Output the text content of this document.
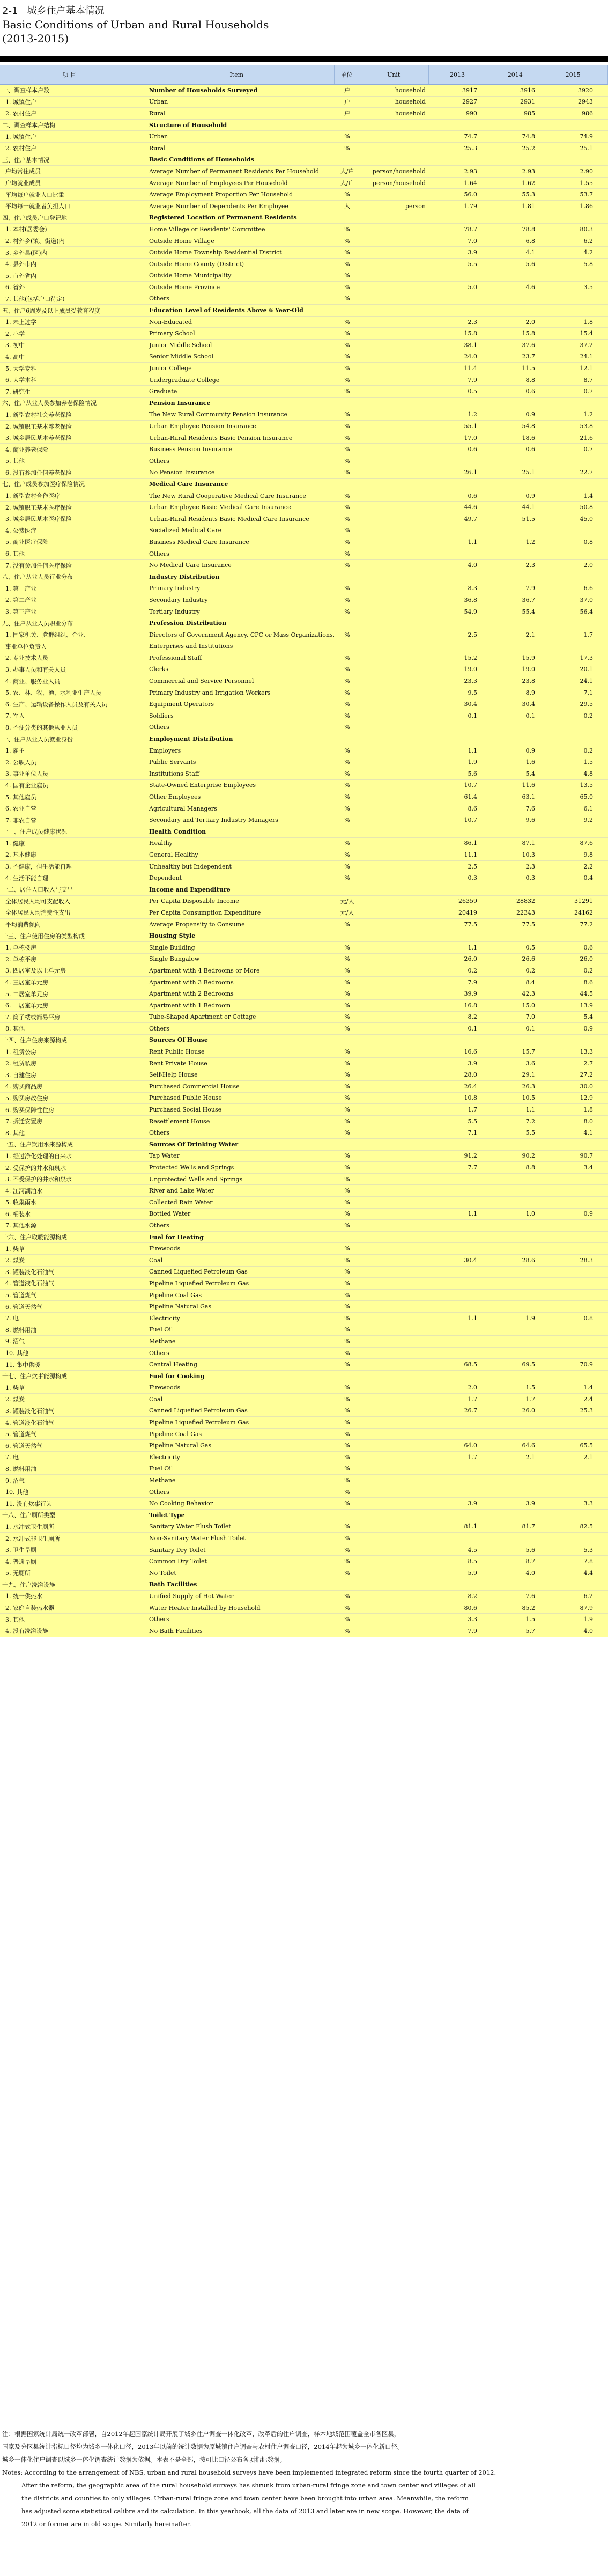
2-1 城乡住户基本情况
Basic Conditions of Urban and Rural Households
(2013-2015)
项 目	Item	单位	Unit	2013	2014	2015
一、调查样本户数	Number of Households Surveyed	户	household	3917	3916	3920
1. 城镇住户	Urban	户	household	2927	2931	2943
2. 农村住户	Rural	户	household	990	985	986
二、调查样本户结构	Structure of Household
1. 城镇住户	Urban	%	74.7	74.8	74.9
2. 农村住户	Rural	%	25.3	25.2	25.1
三、住户基本情况	Basic Conditions of Households
户均常住成员	Average Number of Permanent Residents Per Household	人/户	person/household	2.93	2.93	2.90
户均就业成员	Average Number of Employees Per Household	人/户	person/household	1.64	1.62	1.55
平均每户就业人口比重	Average Employment Proportion Per Household	%	56.0	55.3	53.7
平均每一就业者负担人口	Average Number of Dependents Per Employee	人	person	1.79	1.81	1.86
四、住户成员户口登记地	Registered Location of Permanent Residents
1. 本村(居委会)	Home Village or Residents' Committee	%	78.7	78.8	80.3
2. 村外乡(镇、街道)内	Outside Home Village	%	7.0	6.8	6.2
3. 乡外县(区)内	Outside Home Township Residential District	%	3.9	4.1	4.2
4. 县外市内	Outside Home County (District)	%	5.5	5.6	5.8
5. 市外省内	Outside Home Municipality	%
6. 省外	Outside Home Province	%	5.0	4.6	3.5
7. 其他(包括户口待定)	Others	%
五、住户6周岁及以上成员受教育程度	Education Level of Residents Above 6 Year-Old
1. 未上过学	Non-Educated	%	2.3	2.0	1.8
2. 小学	Primary School	%	15.8	15.8	15.4
3. 初中	Junior Middle School	%	38.1	37.6	37.2
4. 高中	Senior Middle School	%	24.0	23.7	24.1
5. 大学专科	Junior College	%	11.4	11.5	12.1
6. 大学本科	Undergraduate College	%	7.9	8.8	8.7
7. 研究生	Graduate	%	0.5	0.6	0.7
六、住户从业人员参加养老保险情况	Pension Insurance
1. 新型农村社会养老保险	The New Rural Community Pension Insurance	%	1.2	0.9	1.2
2. 城镇职工基本养老保险	Urban Employee Pension Insurance	%	55.1	54.8	53.8
3. 城乡居民基本养老保险	Urban-Rural Residents Basic Pension Insurance	%	17.0	18.6	21.6
4. 商业养老保险	Business Pension Insurance	%	0.6	0.6	0.7
5. 其他	Others	%
6. 没有参加任何养老保险	No Pension Insurance	%	26.1	25.1	22.7
七、住户成员参加医疗保险情况	Medical Care Insurance
1. 新型农村合作医疗	The New Rural Cooperative Medical Care Insurance	%	0.6	0.9	1.4
2. 城镇职工基本医疗保险	Urban Employee Basic Medical Care Insurance	%	44.6	44.1	50.8
3. 城乡居民基本医疗保险	Urban-Rural Residents Basic Medical Care Insurance	%	49.7	51.5	45.0
4. 公费医疗	Socialized Medical Care	%
5. 商业医疗保险	Business Medical Care Insurance	%	1.1	1.2	0.8
6. 其他	Others	%
7. 没有参加任何医疗保险	No Medical Care Insurance	%	4.0	2.3	2.0
八、住户从业人员行业分布	Industry Distribution
1. 第一产业	Primary Industry	%	8.3	7.9	6.6
2. 第二产业	Secondary Industry	%	36.8	36.7	37.0
3. 第三产业	Tertiary Industry	%	54.9	55.4	56.4
九、住户从业人员职业分布	Profession Distribution
1. 国家机关、党群组织、企业、	Directors of Government Agency, CPC or Mass Organizations,	%	2.5	2.1	1.7
事业单位负责人	Enterprises and Institutions
2. 专业技术人员	Professional Staff	%	15.2	15.9	17.3
3. 办事人员和有关人员	Clerks	%	19.0	19.0	20.1
4. 商业、服务业人员	Commercial and Service Personnel	%	23.3	23.8	24.1
5. 农、林、牧、渔、水利业生产人员	Primary Industry and Irrigation Workers	%	9.5	8.9	7.1
6. 生产、运输设备操作人员及有关人员	Equipment Operators	%	30.4	30.4	29.5
7. 军人	Soldiers	%	0.1	0.1	0.2
8. 不便分类的其他从业人员	Others	%
十、住户从业人员就业身份	Employment Distribution
1. 雇主	Employers	%	1.1	0.9	0.2
2. 公职人员	Public Servants	%	1.9	1.6	1.5
3. 事业单位人员	Institutions Staff	%	5.6	5.4	4.8
4. 国有企业雇员	State-Owned Enterprise Employees	%	10.7	11.6	13.5
5. 其他雇员	Other Employees	%	61.4	63.1	65.0
6. 农业自营	Agricultural Managers	%	8.6	7.6	6.1
7. 非农自营	Secondary and Tertiary Industry Managers	%	10.7	9.6	9.2
十一、住户成员健康状况	Health Condition
1. 健康	Healthy	%	86.1	87.1	87.6
2. 基本健康	General Healthy	%	11.1	10.3	9.8
3. 不健康，但生活能自理	Unhealthy but Independent	%	2.5	2.3	2.2
4. 生活不能自理	Dependent	%	0.3	0.3	0.4
十二、居住人口收入与支出	Income and Expenditure
全体居民人均可支配收入	Per Capita Disposable Income	元/人	26359	28832	31291
全体居民人均消费性支出	Per Capita Consumption Expenditure	元/人	20419	22343	24162
平均消费倾向	Average Propensity to Consume	%	77.5	77.5	77.2
十三、住户使用住房的类型构成	Housing Style
1. 单栋楼房	Single Building	%	1.1	0.5	0.6
2. 单栋平房	Single Bungalow	%	26.0	26.6	26.0
3. 四居室及以上单元房	Apartment with 4 Bedrooms or More	%	0.2	0.2	0.2
4. 三居室单元房	Apartment with 3 Bedrooms	%	7.9	8.4	8.6
5. 二居室单元房	Apartment with 2 Bedrooms	%	39.9	42.3	44.5
6. 一居室单元房	Apartment with 1 Bedroom	%	16.8	15.0	13.9
7. 筒子楼或简易平房	Tube-Shaped Apartment or Cottage	%	8.2	7.0	5.4
8. 其他	Others	%	0.1	0.1	0.9
十四、住户住房来源构成	Sources Of House
1. 租赁公房	Rent Public House	%	16.6	15.7	13.3
2. 租赁私房	Rent Private House	%	3.9	3.6	2.7
3. 自建住房	Self-Help House	%	28.0	29.1	27.2
4. 购买商品房	Purchased Commercial House	%	26.4	26.3	30.0
5. 购买房改住房	Purchased Public House	%	10.8	10.5	12.9
6. 购买保障性住房	Purchased Social House	%	1.7	1.1	1.8
7. 拆迁安置房	Resettlement House	%	5.5	7.2	8.0
8. 其他	Others	%	7.1	5.5	4.1
十五、住户饮用水来源构成	Sources Of Drinking Water
1. 经过净化处理的自来水	Tap Water	%	91.2	90.2	90.7
2. 受保护的井水和泉水	Protected Wells and Springs	%	7.7	8.8	3.4
3. 不受保护的井水和泉水	Unprotected Wells and Springs	%
4. 江河湖泊水	River and Lake Water	%
5. 收集雨水	Collected Rain Water	%
6. 桶装水	Bottled Water	%	1.1	1.0	0.9
7. 其他水源	Others	%
十六、住户取暖能源构成	Fuel for Heating
1. 柴草	Firewoods	%
2. 煤炭	Coal	%	30.4	28.6	28.3
3. 罐装液化石油气	Canned Liquefied Petroleum Gas	%
4. 管道液化石油气	Pipeline Liquefied Petroleum Gas	%
5. 管道煤气	Pipeline Coal Gas	%
6. 管道天然气	Pipeline Natural Gas	%
7. 电	Electricity	%	1.1	1.9	0.8
8. 燃料用油	Fuel Oil	%
9. 沼气	Methane	%
10. 其他	Others	%
11. 集中供暖	Central Heating	%	68.5	69.5	70.9
十七、住户炊事能源构成	Fuel for Cooking
1. 柴草	Firewoods	%	2.0	1.5	1.4
2. 煤炭	Coal	%	1.7	1.7	2.4
3. 罐装液化石油气	Canned Liquefied Petroleum Gas	%	26.7	26.0	25.3
4. 管道液化石油气	Pipeline Liquefied Petroleum Gas	%
5. 管道煤气	Pipeline Coal Gas	%
6. 管道天然气	Pipeline Natural Gas	%	64.0	64.6	65.5
7. 电	Electricity	%	1.7	2.1	2.1
8. 燃料用油	Fuel Oil	%
9. 沼气	Methane	%
10. 其他	Others	%
11. 没有炊事行为	No Cooking Behavior	%	3.9	3.9	3.3
十八、住户厕所类型	Toilet Type
1. 水冲式卫生厕所	Sanitary Water Flush Toilet	%	81.1	81.7	82.5
2. 水冲式非卫生厕所	Non-Sanitary Water Flush Toilet	%
3. 卫生旱厕	Sanitary Dry Toilet	%	4.5	5.6	5.3
4. 普通旱厕	Common Dry Toilet	%	8.5	8.7	7.8
5. 无厕所	No Toilet	%	5.9	4.0	4.4
十九、住户洗浴设施	Bath Facilities
1. 统一供热水	Unified Supply of Hot Water	%	8.2	7.6	6.2
2. 家庭自装热水器	Water Heater Installed by Household	%	80.6	85.2	87.9
3. 其他	Others	%	3.3	1.5	1.9
4. 没有洗浴设施	No Bath Facilities	%	7.9	5.7	4.0
注：根据国家统计局统一改革部署，自2012年起国家统计局开展了城乡住户调查一体化改革，改革后的住户调查，样本地域范围覆盖全市各区县，
国家及分区县统计指标口径均为城乡一体化口径，2013年以前的统计数据为原城镇住户调查与农村住户调查口径，2014年起为城乡一体化新口径。
城乡一体化住户调查以城乡一体化调查统计数据为依据。本表不是全部，按可比口径公布各项指标数据。
Notes: According to the arrangement of NBS, urban and rural household surveys have been implemented integrated reform since the fourth quarter of 2012.
After the reform, the geographic area of the rural household surveys has shrunk from urban-rural fringe zone and town center and villages of all
the districts and counties to only villages. Urban-rural fringe zone and town center have been brought into urban area. Meanwhile, the reform
has adjusted some statistical calibre and its calculation. In this yearbook, all the data of 2013 and later are in new scope. However, the data of
2012 or former are in old scope. Similarly hereinafter.
